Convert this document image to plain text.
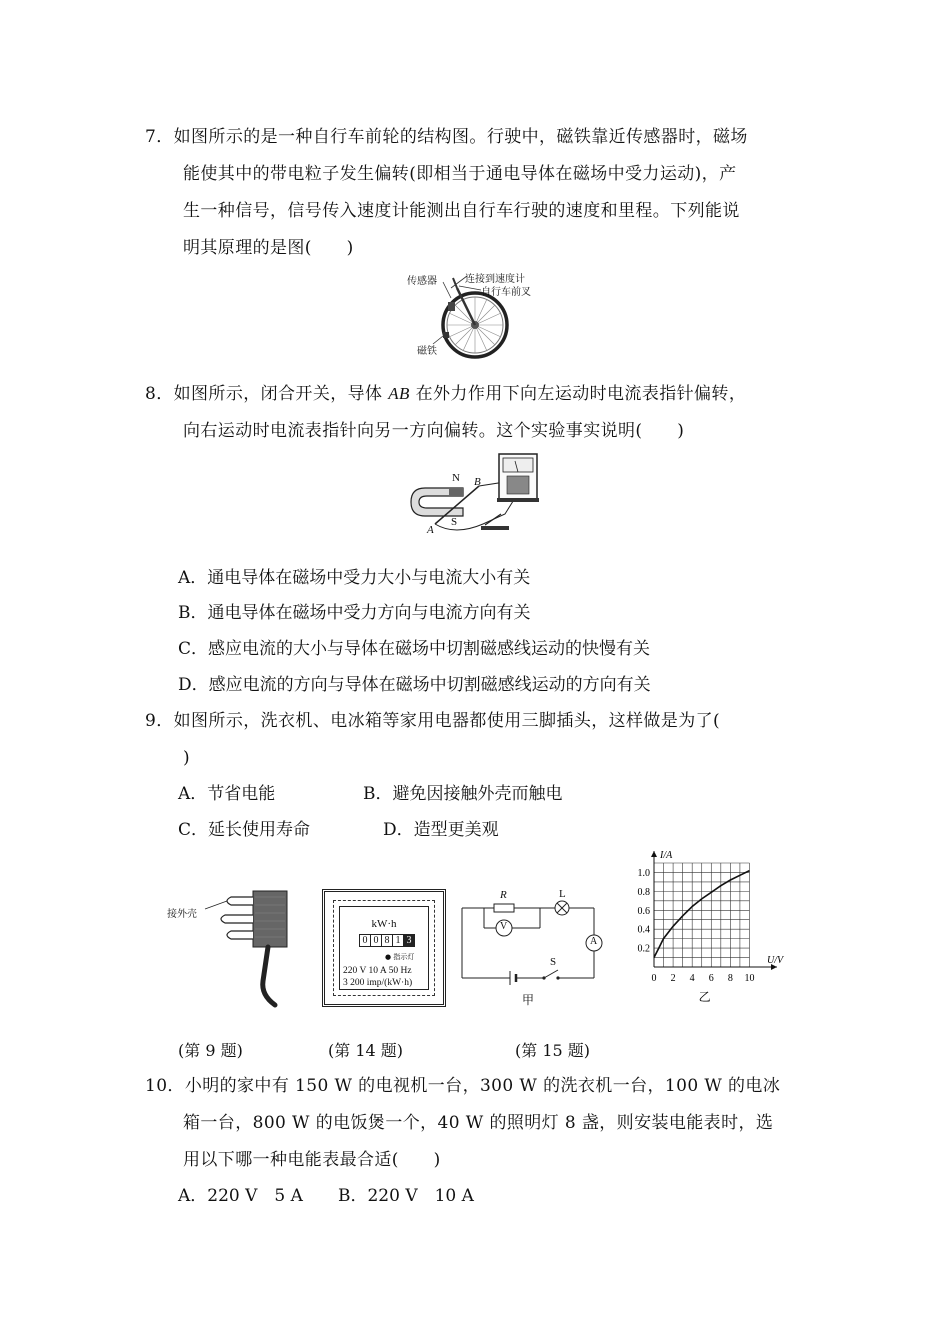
7．如图所示的是一种自行车前轮的结构图。行驶中，磁铁靠近传感器时，磁场
能使其中的带电粒子发生偏转(即相当于通电导体在磁场中受力运动)，产
生一种信号，信号传入速度计能测出自行车行驶的速度和里程。下列能说
明其原理的是图(　　)
传感器	连接到速度计
自行车前叉
磁铁
8．如图所示，闭合开关，导体 AB 在外力作用下向左运动时电流表指针偏转，
向右运动时电流表指针向另一方向偏转。这个实验事实说明(　　)
N B
A
S
A．通电导体在磁场中受力大小与电流大小有关
B．通电导体在磁场中受力方向与电流方向有关
C．感应电流的大小与导体在磁场中切割磁感线运动的快慢有关
D．感应电流的方向与导体在磁场中切割磁感线运动的方向有关
9．如图所示，洗衣机、电冰箱等家用电器都使用三脚插头，这样做是为了(
)
A．节省电能	B．避免因接触外壳而触电
C．延长使用寿命	D．造型更美观
接外壳
kW·h
0 0 8 1 3
● 指示灯
220 V 10 A 50 Hz
3 200 imp/(kW·h)
R	L
V
A
S
甲
0 2 4 6 8 10
0.2
0.4
0.6
0.8
1.0
I/A
U/V
乙
(第 9 题)	(第 14 题)	(第 15 题)
10．小明的家中有 150 W 的电视机一台，300 W 的洗衣机一台，100 W 的电冰
箱一台，800 W 的电饭煲一个，40 W 的照明灯 8 盏，则安装电能表时，选
用以下哪一种电能表最合适(　　)
A．220 V　5 A B．220 V　10 A
